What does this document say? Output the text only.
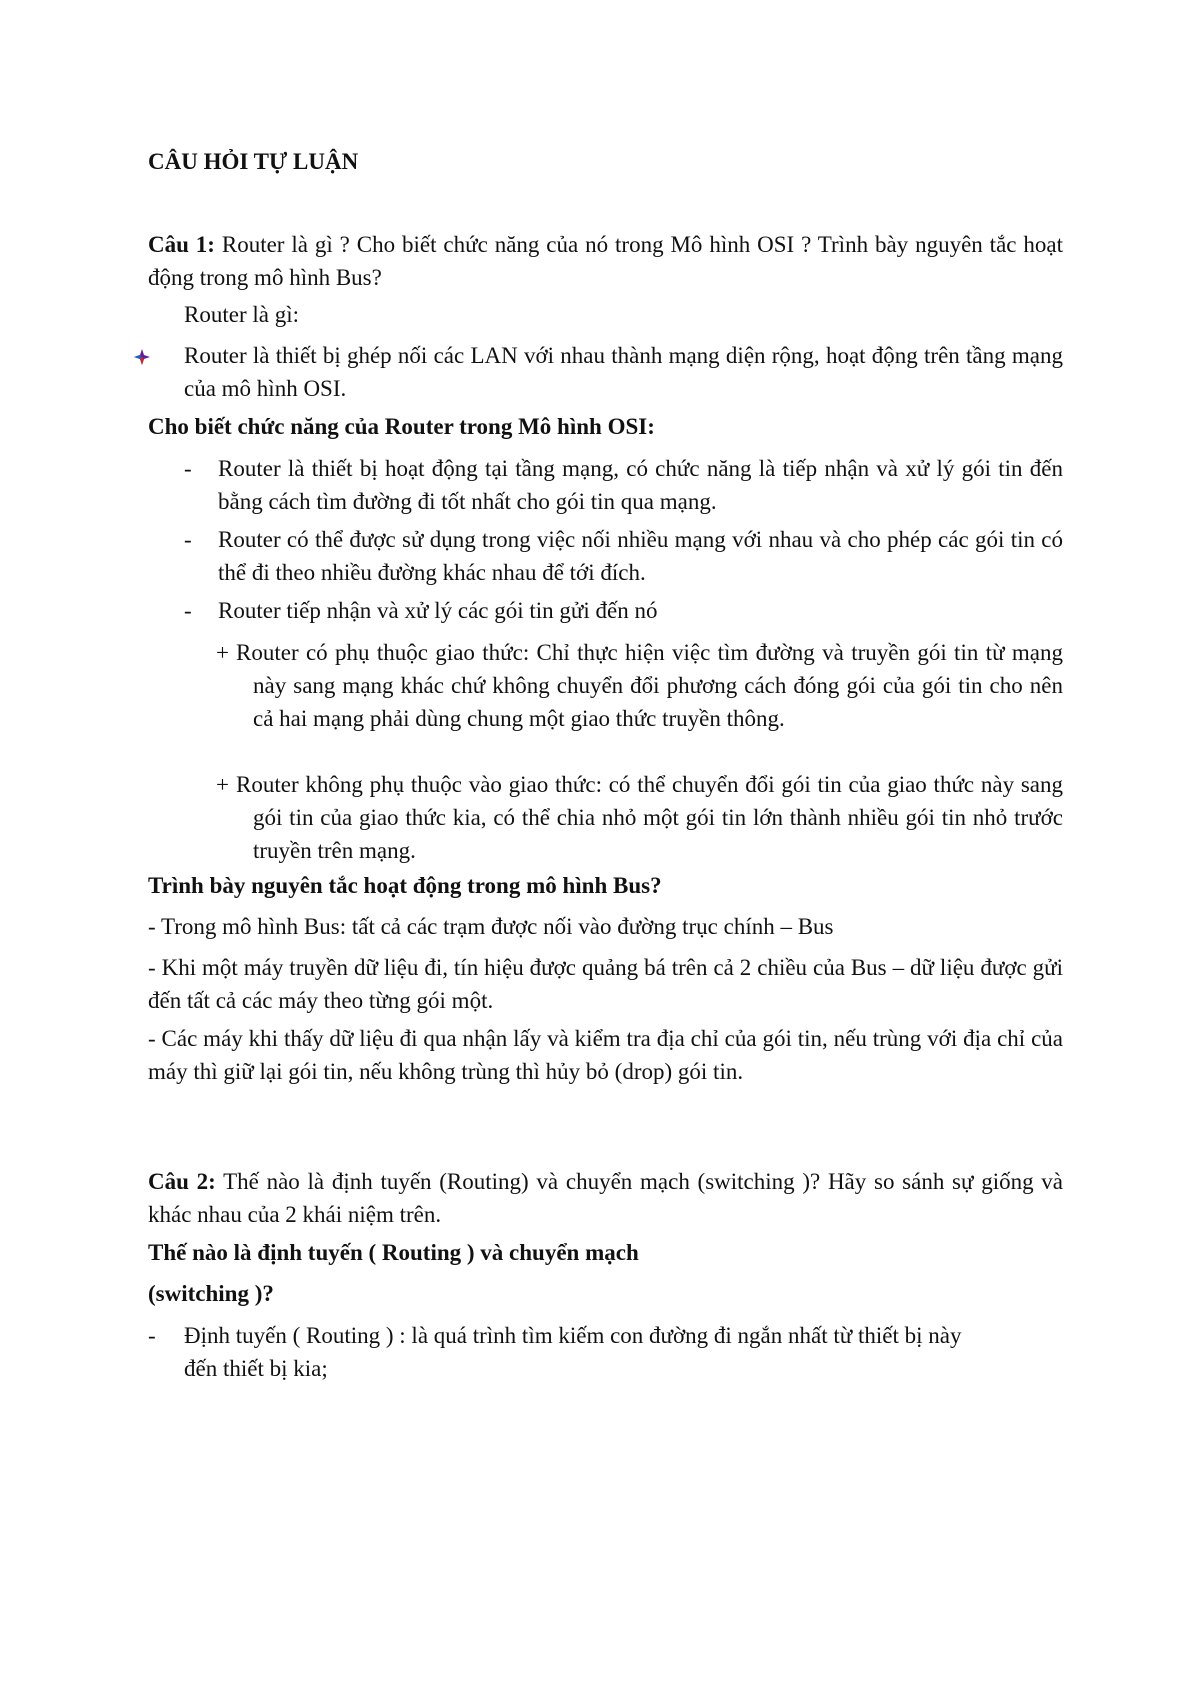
CÂU HỎI TỰ LUẬN

Câu 1: Router là gì ? Cho biết chức năng của nó trong Mô hình OSI ? Trình bày nguyên tắc hoạt động trong mô hình Bus?

Router là gì:

Router là thiết bị ghép nối các LAN với nhau thành mạng diện rộng, hoạt động trên tầng mạng của mô hình OSI.

Cho biết chức năng của Router trong Mô hình OSI:

- Router là thiết bị hoạt động tại tầng mạng, có chức năng là tiếp nhận và xử lý gói tin đến bằng cách tìm đường đi tốt nhất cho gói tin qua mạng.

- Router có thể được sử dụng trong việc nối nhiều mạng với nhau và cho phép các gói tin có thể đi theo nhiều đường khác nhau để tới đích.

- Router tiếp nhận và xử lý các gói tin gửi đến nó

+ Router có phụ thuộc giao thức: Chỉ thực hiện việc tìm đường và truyền gói tin từ mạng này sang mạng khác chứ không chuyển đổi phương cách đóng gói của gói tin cho nên cả hai mạng phải dùng chung một giao thức truyền thông.

+ Router không phụ thuộc vào giao thức: có thể chuyển đổi gói tin của giao thức này sang gói tin của giao thức kia, có thể chia nhỏ một gói tin lớn thành nhiều gói tin nhỏ trước truyền trên mạng.

Trình bày nguyên tắc hoạt động trong mô hình Bus?

- Trong mô hình Bus: tất cả các trạm được nối vào đường trục chính – Bus

- Khi một máy truyền dữ liệu đi, tín hiệu được quảng bá trên cả 2 chiều của Bus – dữ liệu được gửi đến tất cả các máy theo từng gói một.

- Các máy khi thấy dữ liệu đi qua nhận lấy và kiểm tra địa chỉ của gói tin, nếu trùng với địa chỉ của máy thì giữ lại gói tin, nếu không trùng thì hủy bỏ (drop) gói tin.

Câu 2: Thế nào là định tuyến (Routing) và chuyển mạch (switching )? Hãy so sánh sự giống và khác nhau của 2 khái niệm trên.

Thế nào là định tuyến ( Routing ) và chuyển mạch

(switching )?

- Định tuyến ( Routing ) : là quá trình tìm kiếm con đường đi ngắn nhất từ thiết bị này đến thiết bị kia;
